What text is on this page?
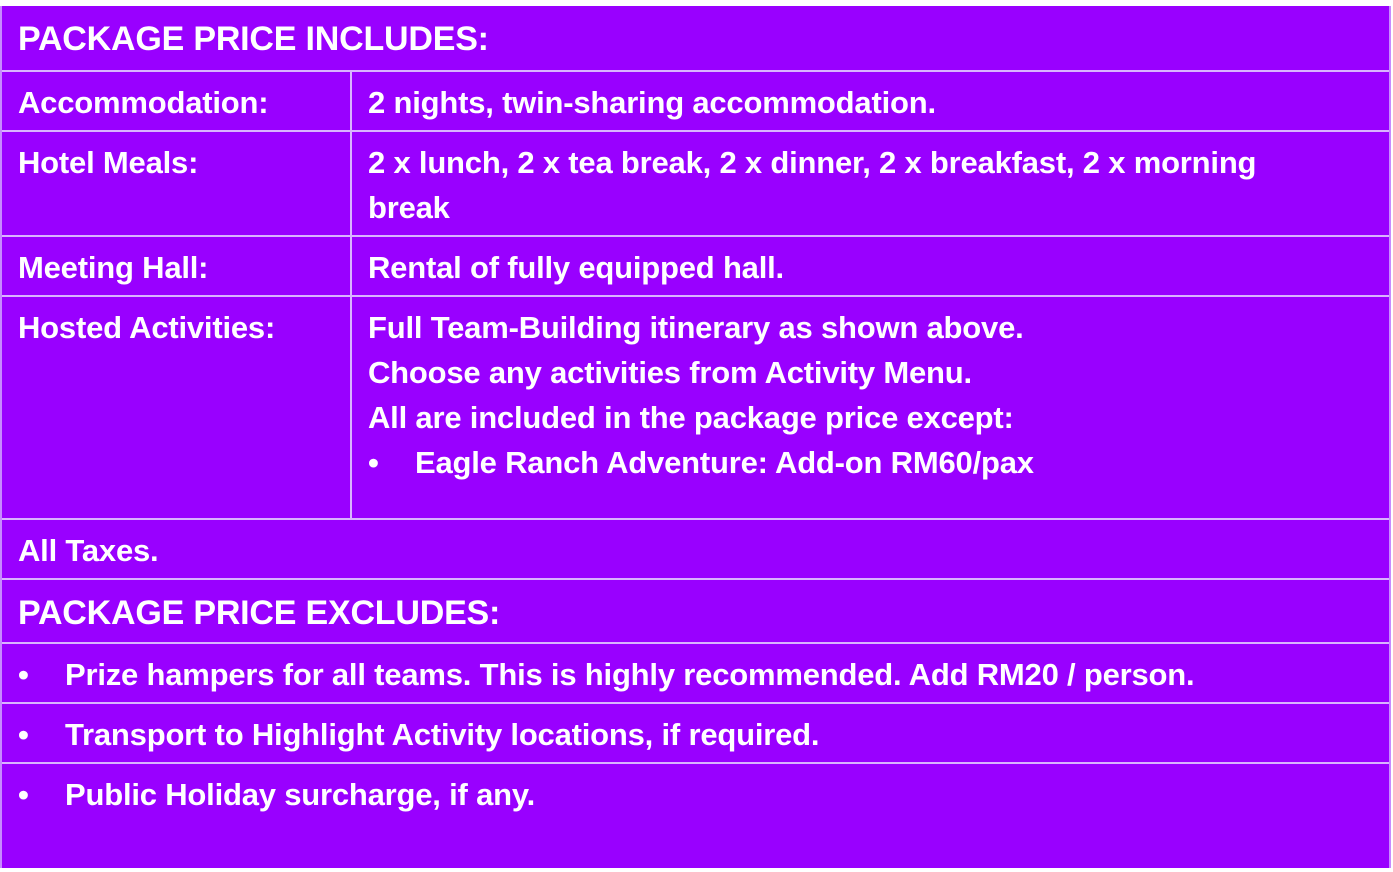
PACKAGE PRICE INCLUDES:
Accommodation:	2 nights, twin-sharing accommodation.
Hotel Meals:	2 x lunch, 2 x tea break, 2 x dinner, 2 x breakfast, 2 x morning break
Meeting Hall:	Rental of fully equipped hall.
Hosted Activities:	Full Team-Building itinerary as shown above.
Choose any activities from Activity Menu.
All are included in the package price except:
•	Eagle Ranch Adventure: Add-on RM60/pax
All Taxes.
PACKAGE PRICE EXCLUDES:
•	Prize hampers for all teams. This is highly recommended. Add RM20 / person.
•	Transport to Highlight Activity locations, if required.
•	Public Holiday surcharge, if any.
